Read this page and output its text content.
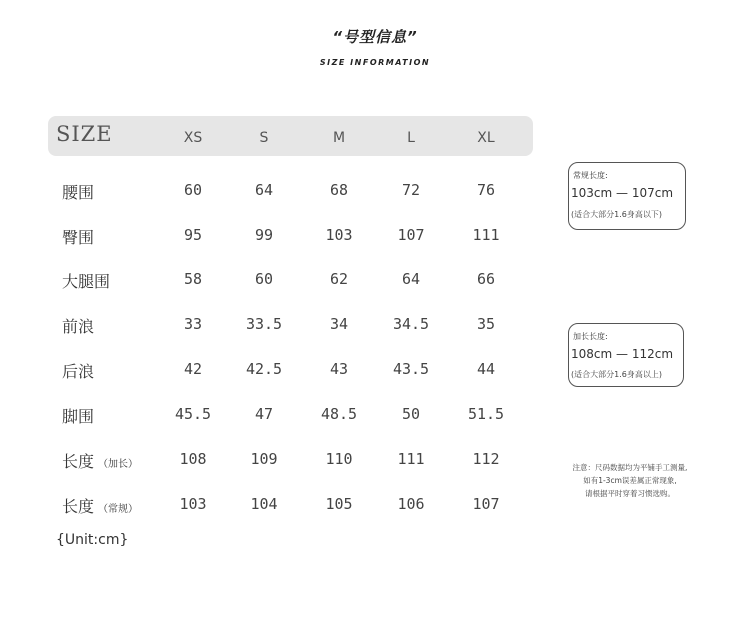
“号型信息”
SIZE INFORMATION
SIZE	XS	S	M	L	XL
腰围	60	64	68	72	76
臀围	95	99	103	107	111
大腿围	58	60	62	64	66
前浪	33	33.5	34	34.5	35
后浪	42	42.5	43	43.5	44
脚围	45.5	47	48.5	50	51.5
长度 （加长）	108	109	110	111	112
长度 （常规）	103	104	105	106	107
{Unit:cm}
常规长度:
103cm — 107cm
(适合大部分1.6身高以下)
加长长度:
108cm — 112cm
(适合大部分1.6身高以上)
注意：尺码数据均为平铺手工测量,
如有1-3cm误差属正常现象,
请根据平时穿着习惯选购。
